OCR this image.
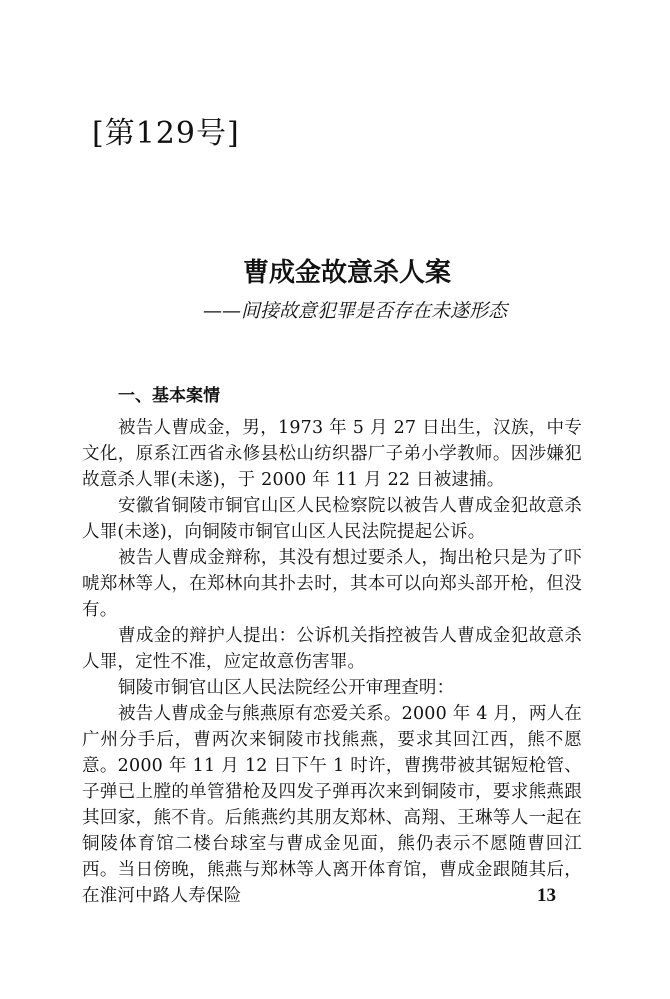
[第129号]
曹成金故意杀人案
——间接故意犯罪是否存在未遂形态
一、基本案情

被告人曹成金，男，1973 年 5 月 27 日出生，汉族，中专文化，原系江西省永修县松山纺织器厂子弟小学教师。因涉嫌犯故意杀人罪(未遂)，于 2000 年 11 月 22 日被逮捕。

安徽省铜陵市铜官山区人民检察院以被告人曹成金犯故意杀人罪(未遂)，向铜陵市铜官山区人民法院提起公诉。

被告人曹成金辩称，其没有想过要杀人，掏出枪只是为了吓唬郑林等人，在郑林向其扑去时，其本可以向郑头部开枪，但没有。

曹成金的辩护人提出：公诉机关指控被告人曹成金犯故意杀人罪，定性不准，应定故意伤害罪。

铜陵市铜官山区人民法院经公开审理查明：

被告人曹成金与熊燕原有恋爱关系。2000 年 4 月，两人在广州分手后，曹两次来铜陵市找熊燕，要求其回江西，熊不愿意。2000 年 11 月 12 日下午 1 时许，曹携带被其锯短枪管、子弹已上膛的单管猎枪及四发子弹再次来到铜陵市，要求熊燕跟其回家，熊不肯。后熊燕约其朋友郑林、高翔、王琳等人一起在铜陵体育馆二楼台球室与曹成金见面，熊仍表示不愿随曹回江西。当日傍晚，熊燕与郑林等人离开体育馆，曹成金跟随其后，在淮河中路人寿保险	13
